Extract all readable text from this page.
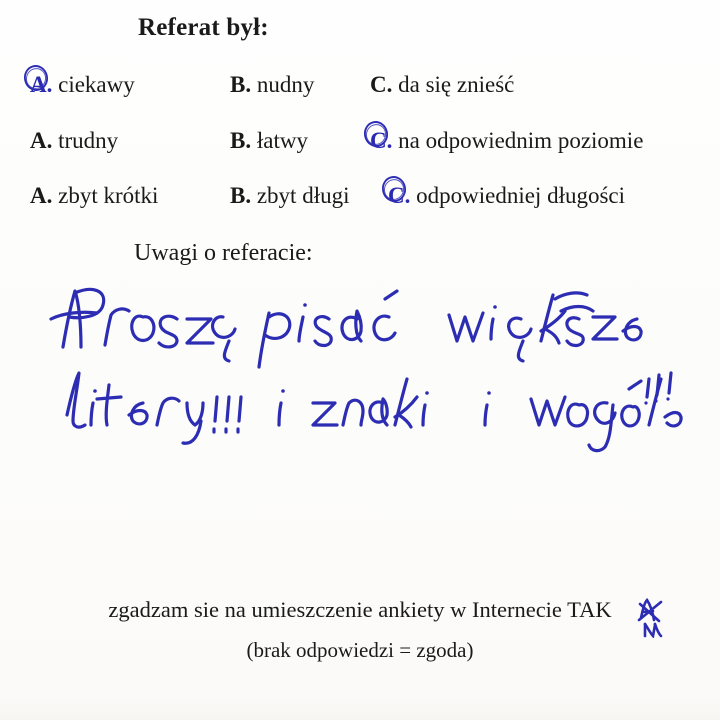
Referat był:
A. ciekawy	B. nudny C. da się znieść
A. trudny	B. łatwy	C. na odpowiednim poziomie
A. zbyt krótki	B. zbyt długi C. odpowiedniej długości
Uwagi o referacie:
zgadzam sie na umieszczenie ankiety w Internecie TAK
(brak odpowiedzi = zgoda)
